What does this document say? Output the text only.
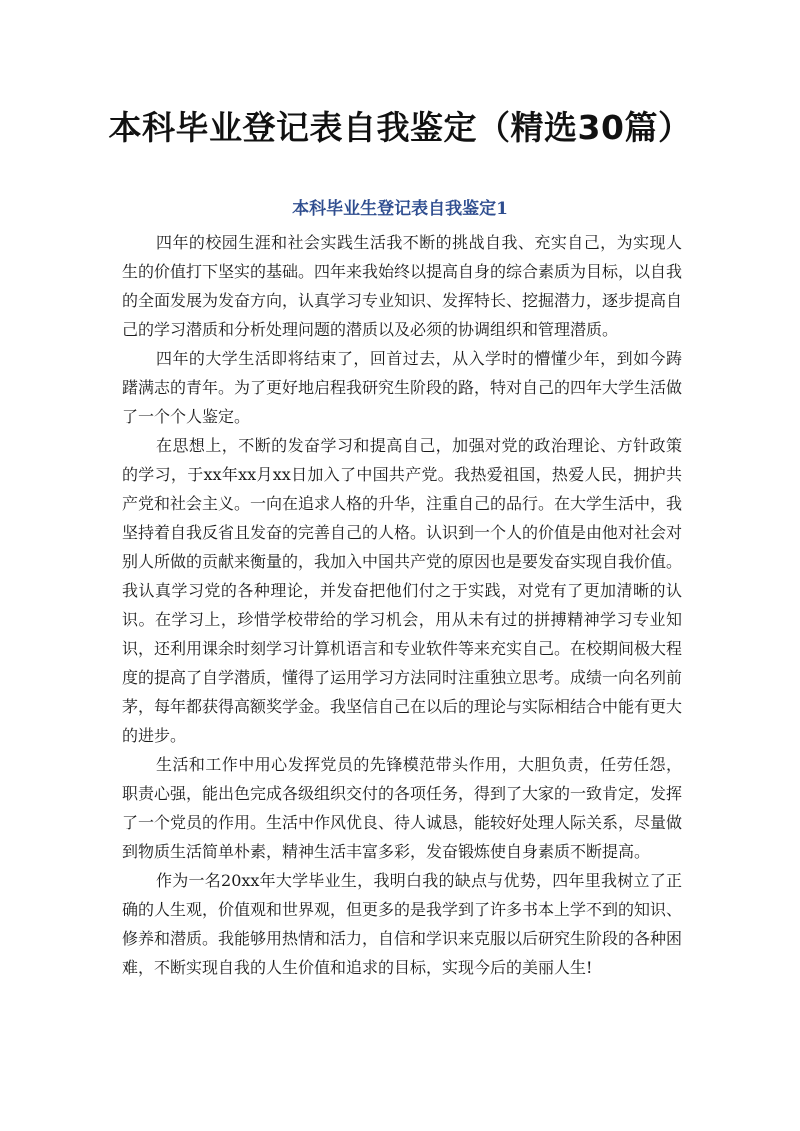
本科毕业登记表自我鉴定（精选30篇）
本科毕业生登记表自我鉴定1

四年的校园生涯和社会实践生活我不断的挑战自我、充实自己，为实现人生的价值打下坚实的基础。四年来我始终以提高自身的综合素质为目标，以自我的全面发展为发奋方向，认真学习专业知识、发挥特长、挖掘潜力，逐步提高自己的学习潜质和分析处理问题的潜质以及必须的协调组织和管理潜质。

四年的大学生活即将结束了，回首过去，从入学时的懵懂少年，到如今踌躇满志的青年。为了更好地启程我研究生阶段的路，特对自己的四年大学生活做了一个个人鉴定。

在思想上，不断的发奋学习和提高自己，加强对党的政治理论、方针政策的学习，于xx年xx月xx日加入了中国共产党。我热爱祖国，热爱人民，拥护共产党和社会主义。一向在追求人格的升华，注重自己的品行。在大学生活中，我坚持着自我反省且发奋的完善自己的人格。认识到一个人的价值是由他对社会对别人所做的贡献来衡量的，我加入中国共产党的原因也是要发奋实现自我价值。我认真学习党的各种理论，并发奋把他们付之于实践，对党有了更加清晰的认识。在学习上，珍惜学校带给的学习机会，用从未有过的拼搏精神学习专业知识，还利用课余时刻学习计算机语言和专业软件等来充实自己。在校期间极大程度的提高了自学潜质，懂得了运用学习方法同时注重独立思考。成绩一向名列前茅，每年都获得高额奖学金。我坚信自己在以后的理论与实际相结合中能有更大的进步。

生活和工作中用心发挥党员的先锋模范带头作用，大胆负责，任劳任怨，职责心强，能出色完成各级组织交付的各项任务，得到了大家的一致肯定，发挥了一个党员的作用。生活中作风优良、待人诚恳，能较好处理人际关系，尽量做到物质生活简单朴素，精神生活丰富多彩，发奋锻炼使自身素质不断提高。

作为一名20xx年大学毕业生，我明白我的缺点与优势，四年里我树立了正确的人生观，价值观和世界观，但更多的是我学到了许多书本上学不到的知识、修养和潜质。我能够用热情和活力，自信和学识来克服以后研究生阶段的各种困难，不断实现自我的人生价值和追求的目标，实现今后的美丽人生!
